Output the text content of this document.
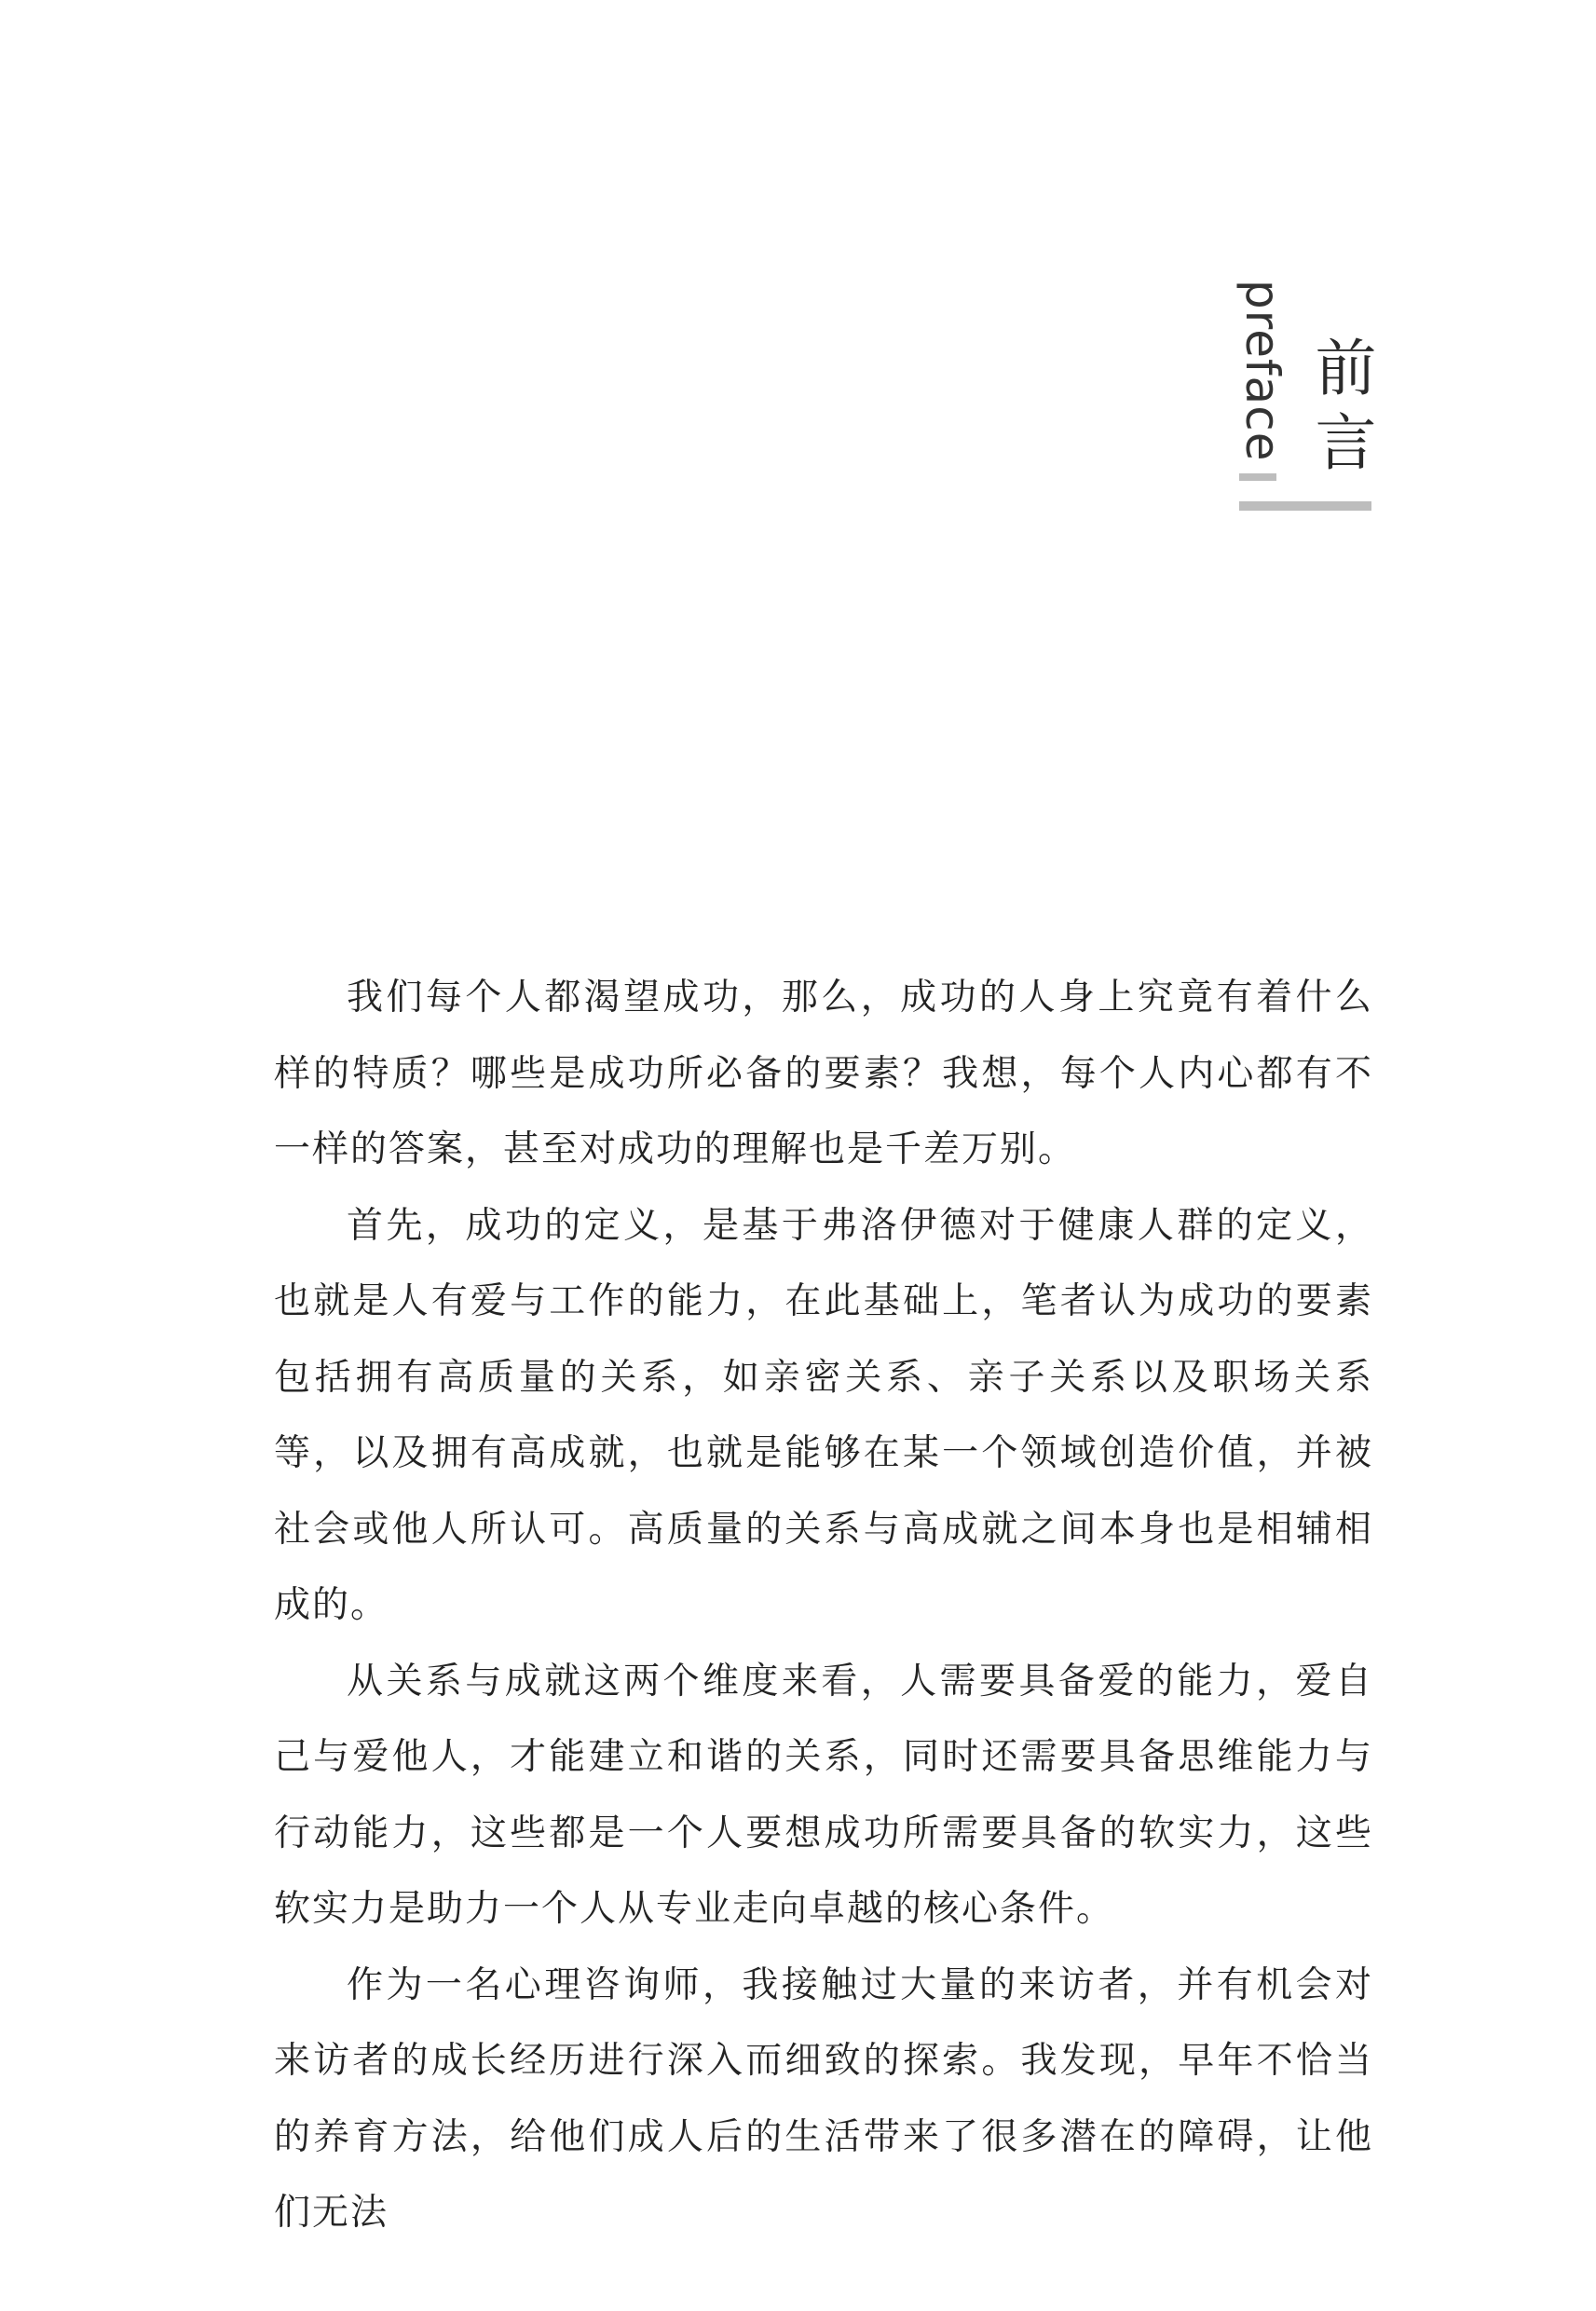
preface 前言

我们每个人都渴望成功，那么，成功的人身上究竟有着什么样的特质？哪些是成功所必备的要素？我想，每个人内心都有不一样的答案，甚至对成功的理解也是千差万别。

首先，成功的定义，是基于弗洛伊德对于健康人群的定义，也就是人有爱与工作的能力，在此基础上，笔者认为成功的要素包括拥有高质量的关系，如亲密关系、亲子关系以及职场关系等，以及拥有高成就，也就是能够在某一个领域创造价值，并被社会或他人所认可。高质量的关系与高成就之间本身也是相辅相成的。

从关系与成就这两个维度来看，人需要具备爱的能力，爱自己与爱他人，才能建立和谐的关系，同时还需要具备思维能力与行动能力，这些都是一个人要想成功所需要具备的软实力，这些软实力是助力一个人从专业走向卓越的核心条件。

作为一名心理咨询师，我接触过大量的来访者，并有机会对来访者的成长经历进行深入而细致的探索。我发现，早年不恰当的养育方法，给他们成人后的生活带来了很多潜在的障碍，让他们无法
